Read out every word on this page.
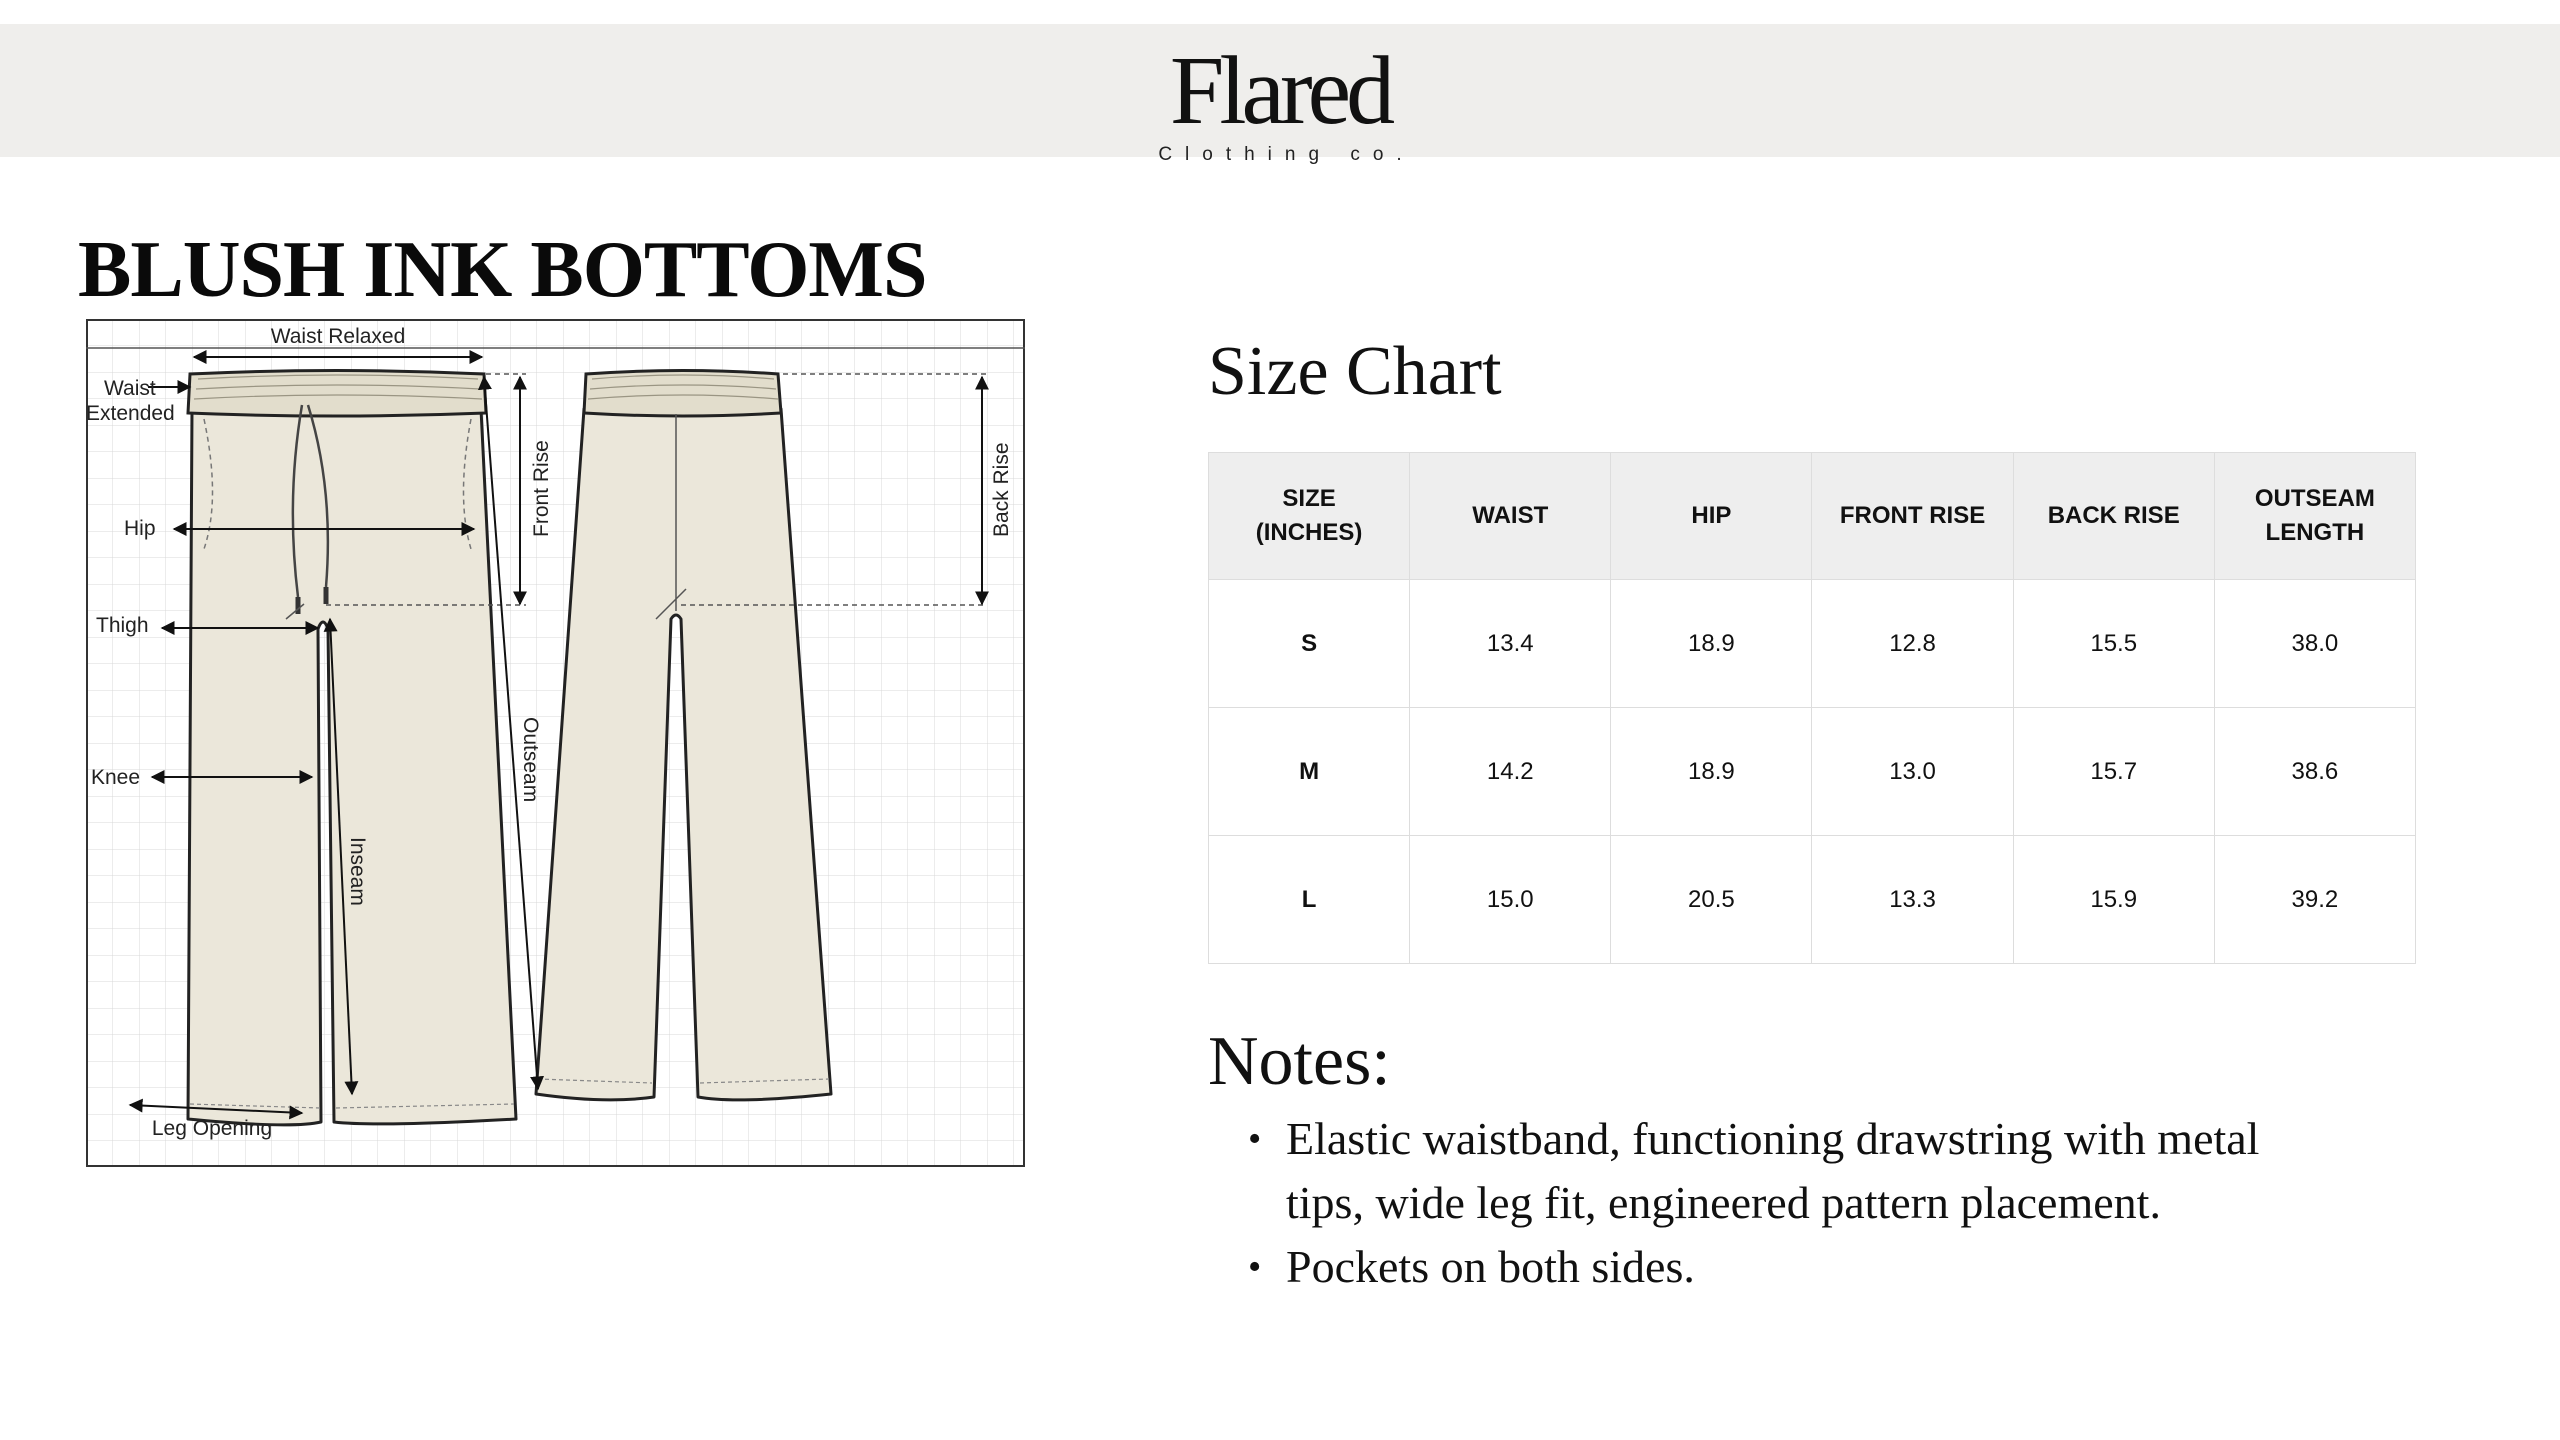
Flared
Clothing co.
BLUSH INK BOTTOMS
Waist Relaxed
Waist
Extended
Hip
Thigh
Knee
Inseam
Outseam
Front Rise	Back Rise
Leg Opening
Size Chart
SIZE
(INCHES)	WAIST	HIP	FRONT RISE	BACK RISE	OUTSEAM
LENGTH
S	13.4	18.9	12.8	15.5	38.0
M	14.2	18.9	13.0	15.7	38.6
L	15.0	20.5	13.3	15.9	39.2
Notes:
• Elastic waistband, functioning drawstring with metal
tips, wide leg fit, engineered pattern placement.
• Pockets on both sides.
